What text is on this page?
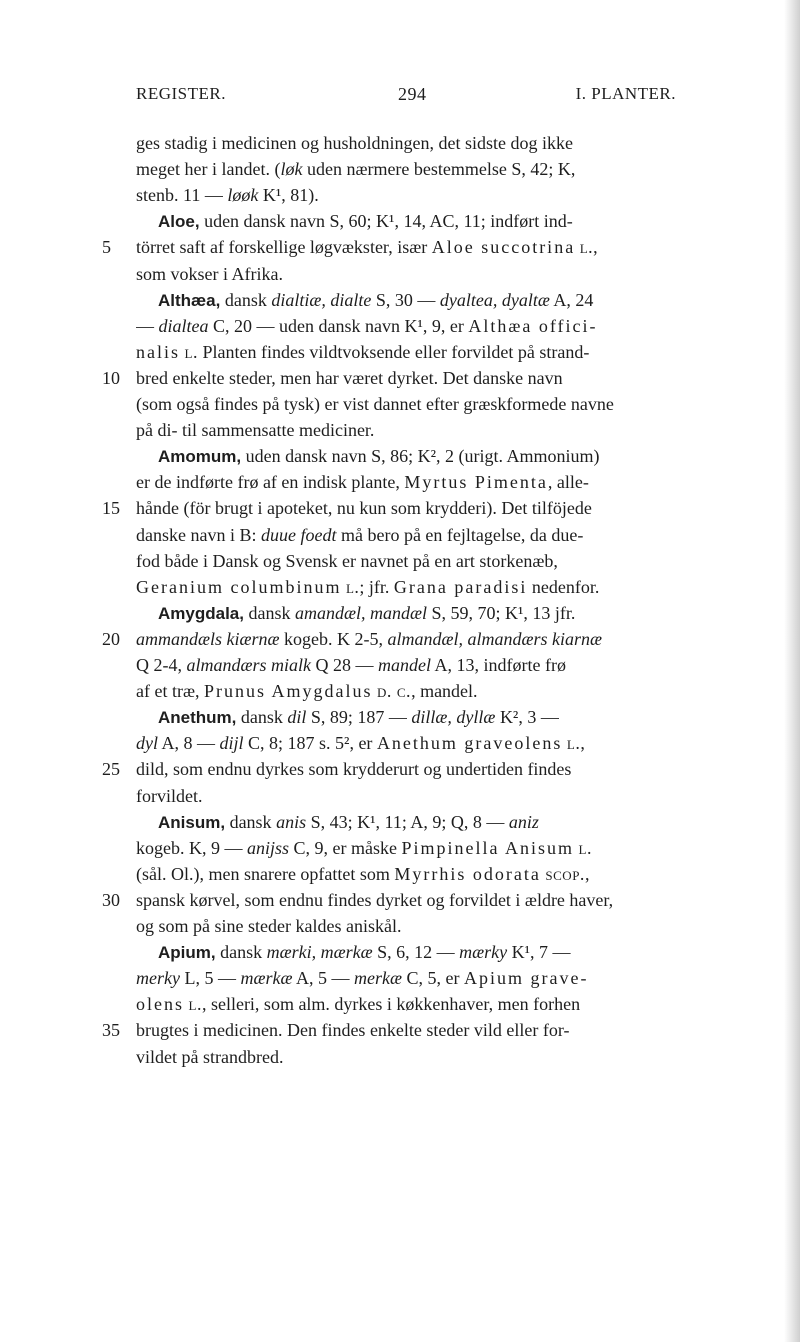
REGISTER.	294	I. PLANTER.
ges stadig i medicinen og husholdningen, det sidste dog ikke
meget her i landet. (løk uden nærmere bestemmelse S, 42; K,
stenb. 11 — løøk K¹, 81).
Aloe, uden dansk navn S, 60; K¹, 14, AC, 11; indført ind-
5	törret saft af forskellige løgvækster, især Aloe succotrina l.,
som vokser i Afrika.
Althæa, dansk dialtiæ, dialte S, 30 — dyaltea, dyaltæ A, 24
— dialtea C, 20 — uden dansk navn K¹, 9, er Althæa offici-
nalis l. Planten findes vildtvoksende eller forvildet på strand-
10 bred enkelte steder, men har været dyrket. Det danske navn
(som også findes på tysk) er vist dannet efter græskformede navne
på di- til sammensatte mediciner.
Amomum, uden dansk navn S, 86; K², 2 (urigt. Ammonium)
er de indførte frø af en indisk plante, Myrtus Pimenta, alle-
15 hånde (för brugt i apoteket, nu kun som krydderi). Det tilföjede
danske navn i B: duue foedt må bero på en fejltagelse, da due-
fod både i Dansk og Svensk er navnet på en art storkenæb,
Geranium columbinum l.; jfr. Grana paradisi nedenfor.
Amygdala, dansk amandæl, mandæl S, 59, 70; K¹, 13 jfr.
20 ammandæls kiærnæ kogeb. K 2-5, almandæl, almandærs kiarnæ
Q 2-4, almandærs mialk Q 28 — mandel A, 13, indførte frø
af et træ, Prunus Amygdalus d. c., mandel.
Anethum, dansk dil S, 89; 187 — dillæ, dyllæ K², 3 —
dyl A, 8 — dijl C, 8; 187 s. 5², er Anethum graveolens l.,
25 dild, som endnu dyrkes som krydderurt og undertiden findes
forvildet.
Anisum, dansk anis S, 43; K¹, 11; A, 9; Q, 8 — aniz
kogeb. K, 9 — anijss C, 9, er måske Pimpinella Anisum l.
(sål. Ol.), men snarere opfattet som Myrrhis odorata scop.,
30 spansk kørvel, som endnu findes dyrket og forvildet i ældre haver,
og som på sine steder kaldes aniskål.
Apium, dansk mærki, mærkæ S, 6, 12 — mærky K¹, 7 —
merky L, 5 — mærkæ A, 5 — merkæ C, 5, er Apium grave-
olens l., selleri, som alm. dyrkes i køkkenhaver, men forhen
35 brugtes i medicinen. Den findes enkelte steder vild eller for-
vildet på strandbred.
